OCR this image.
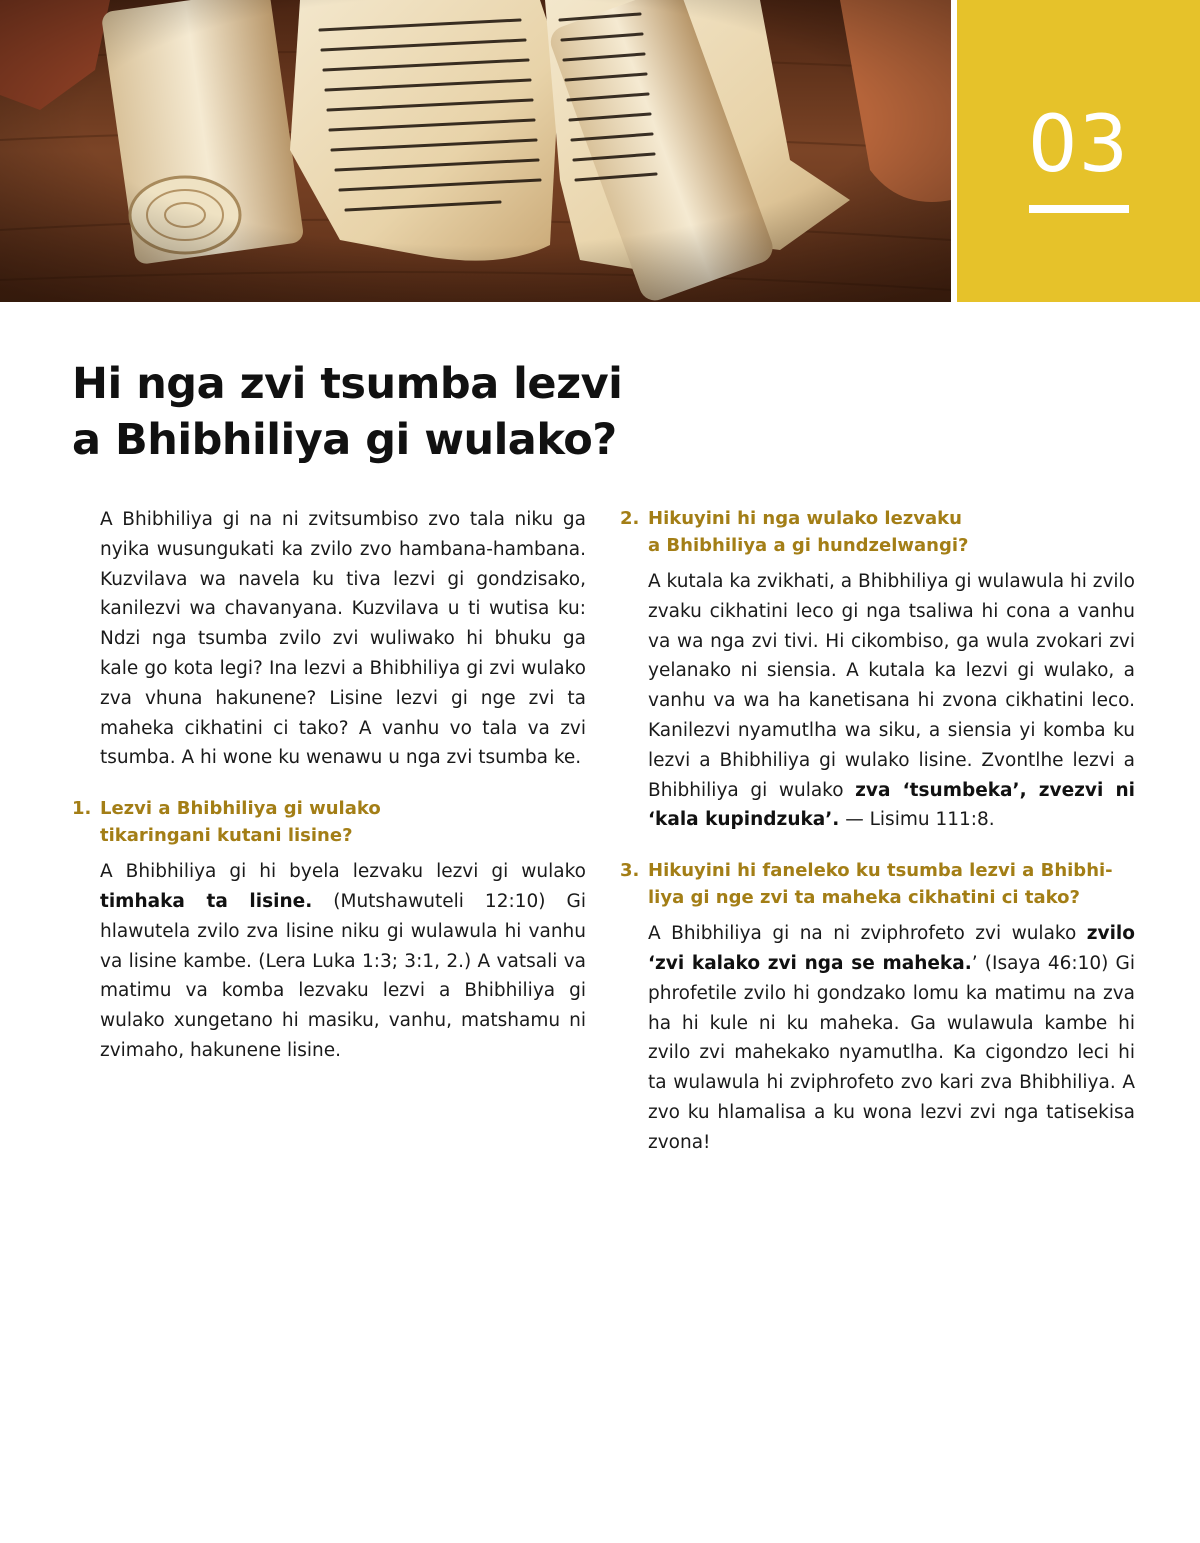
03
Hi nga zvi tsumba lezvi
a Bhibhiliya gi wulako?

A Bhibhiliya gi na ni zvitsumbiso zvo tala niku ga nyika wusungukati ka zvilo zvo hambana-hambana. Kuzvilava wa navela ku tiva lezvi gi gondzisako, kanilezvi wa chavanyana. Kuzvilava u ti wutisa ku: Ndzi nga tsumba zvilo zvi wuliwako hi bhuku ga kale go kota legi? Ina lezvi a Bhibhiliya gi zvi wulako zva vhuna hakunene? Lisine lezvi gi nge zvi ta maheka cikhatini ci tako? A vanhu vo tala va zvi tsumba. A hi wone ku wenawu u nga zvi tsumba ke.

1. Lezvi a Bhibhiliya gi wulako
tikaringani kutani lisine?

A Bhibhiliya gi hi byela lezvaku lezvi gi wulako timhaka ta lisine. (Mutshawuteli 12:10) Gi hlawutela zvilo zva lisine niku gi wulawula hi vanhu va lisine kambe. (Lera Luka 1:3; 3:1, 2.) A vatsali va matimu va komba lezvaku lezvi a Bhibhiliya gi wulako xungetano hi masiku, vanhu, matshamu ni zvimaho, hakunene lisine.

2. Hikuyini hi nga wulako lezvaku
a Bhibhiliya a gi hundzelwangi?

A kutala ka zvikhati, a Bhibhiliya gi wulawula hi zvilo zvaku cikhatini leco gi nga tsaliwa hi cona a vanhu va wa nga zvi tivi. Hi cikombiso, ga wula zvokari zvi yelanako ni siensia. A kutala ka lezvi gi wulako, a vanhu va wa ha kanetisana hi zvona cikhatini leco. Kanilezvi nyamutlha wa siku, a siensia yi komba ku lezvi a Bhibhiliya gi wulako lisine. Zvontlhe lezvi a Bhibhiliya gi wulako zva ‘tsumbeka’, zvezvi ni ‘kala kupindzuka’. — Lisimu 111:8.

3. Hikuyini hi faneleko ku tsumba lezvi a Bhibhi-
liya gi nge zvi ta maheka cikhatini ci tako?

A Bhibhiliya gi na ni zviphrofeto zvi wulako zvilo ‘zvi kalako zvi nga se maheka.’ (Isaya 46:10) Gi phrofetile zvilo hi gondzako lomu ka matimu na zva ha hi kule ni ku maheka. Ga wulawula kambe hi zvilo zvi mahekako nyamutlha. Ka cigondzo leci hi ta wulawula hi zviphrofeto zvo kari zva Bhibhiliya. A zvo ku hlamalisa a ku wona lezvi zvi nga tatisekisa zvona!
